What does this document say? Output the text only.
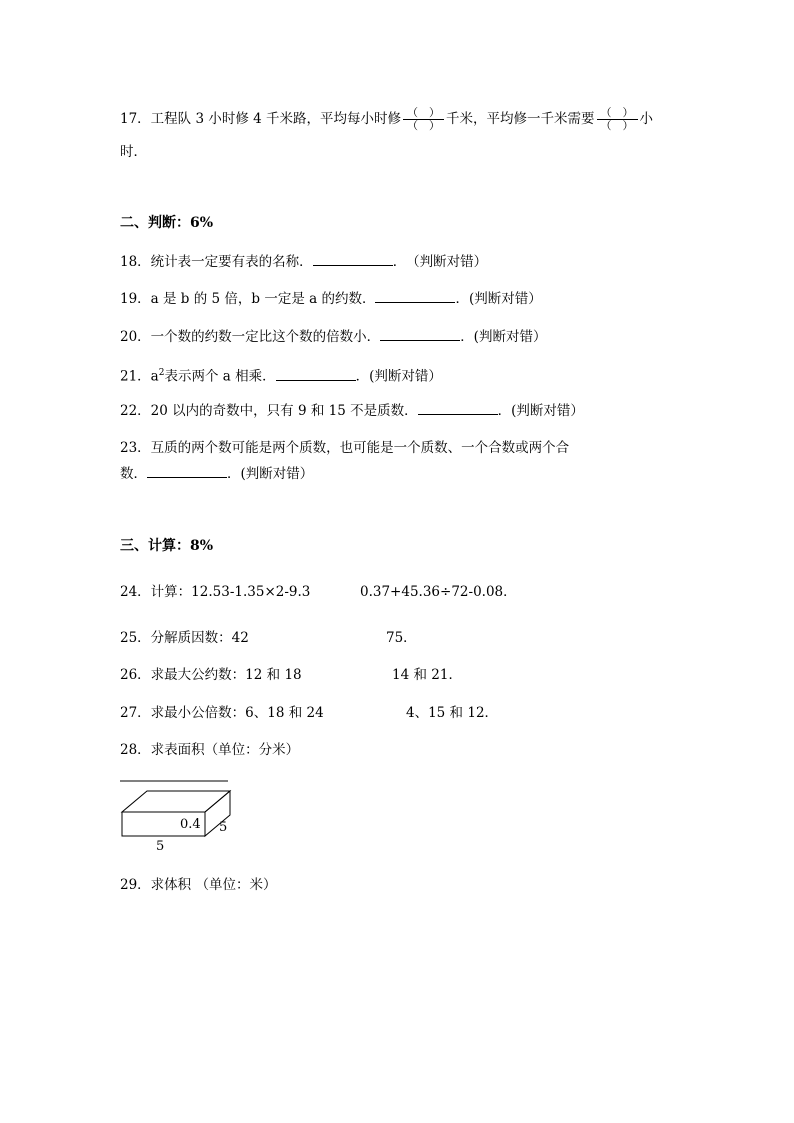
17．工程队 3 小时修 4 千米路，平均每小时修 $\frac{( )}{( )}$ 千米，平均修一千米需要 $\frac{( )}{( )}$ 小
时．
二、判断：6%
18．统计表一定要有表的名称．	．　（判断对错）
19．a 是 b 的 5 倍，b 一定是 a 的约数．	．(判断对错）
20．一个数的约数一定比这个数的倍数小．	．(判断对错）
21．$a^2$表示两个 a 相乘．	．(判断对错）
22．20 以内的奇数中，只有 9 和 15 不是质数．	．(判断对错）
23．互质的两个数可能是两个质数，也可能是一个质数、一个合数或两个合
数．	．(判断对错）
三、计算：8%
24．计算：12.53-1.35×2-9.3	0.37+45.36÷72-0.08．
25．分解质因数：42	75．
26．求最大公约数：12 和 18	14 和 21．
27．求最小公倍数：6、18 和 24	4、15 和 12．
28．求表面积（单位：分米）
0.4 5
5
29．求体积 （单位：米）
